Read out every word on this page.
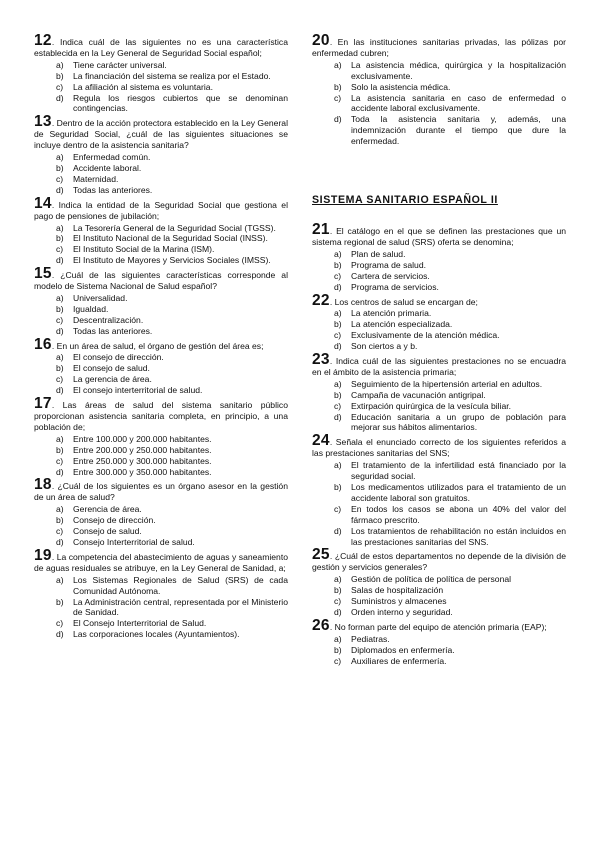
12. Indica cuál de las siguientes no es una característica establecida en la Ley General de Seguridad Social español;

a)	Tiene carácter universal.
b)	La financiación del sistema se realiza por el Estado.
c)	La afiliación al sistema es voluntaria.
d)	Regula los riesgos cubiertos que se denominan contingencias.

13. Dentro de la acción protectora establecido en la Ley General de Seguridad Social, ¿cuál de las siguientes situaciones se incluye dentro de la asistencia sanitaria?

a)	Enfermedad común.
b)	Accidente laboral.
c)	Maternidad.
d)	Todas las anteriores.

14. Indica la entidad de la Seguridad Social que gestiona el pago de pensiones de jubilación;

a)	La Tesorería General de la Seguridad Social (TGSS).
b)	El Instituto Nacional de la Seguridad Social (INSS).
c)	El Instituto Social de la Marina (ISM).
d)	El Instituto de Mayores y Servicios Sociales (IMSS).

15. ¿Cuál de las siguientes características corresponde al modelo de Sistema Nacional de Salud español?

a)	Universalidad.
b)	Igualdad.
c)	Descentralización.
d)	Todas las anteriores.

16. En un área de salud, el órgano de gestión del área es;

a)	El consejo de dirección.
b)	El consejo de salud.
c)	La gerencia de área.
d)	El consejo interterritorial de salud.

17. Las áreas de salud del sistema sanitario público proporcionan asistencia sanitaria completa, en principio, a una población de;

a)	Entre 100.000 y 200.000 habitantes.
b)	Entre 200.000 y 250.000 habitantes.
c)	Entre 250.000 y 300.000 habitantes.
d)	Entre 300.000 y 350.000 habitantes.

18. ¿Cuál de los siguientes es un órgano asesor en la gestión de un área de salud?

a)	Gerencia de área.
b)	Consejo de dirección.
c)	Consejo de salud.
d)	Consejo Interterritorial de salud.

19. La competencia del abastecimiento de aguas y saneamiento de aguas residuales se atribuye, en la Ley General de Sanidad, a;

a)	Los Sistemas Regionales de Salud (SRS) de cada Comunidad Autónoma.
b)	La Administración central, representada por el Ministerio de Sanidad.
c)	El Consejo Interterritorial de Salud.
d)	Las corporaciones locales (Ayuntamientos).

20. En las instituciones sanitarias privadas, las pólizas por enfermedad cubren;

a)	La asistencia médica, quirúrgica y la hospitalización exclusivamente.
b)	Solo la asistencia médica.
c)	La asistencia sanitaria en caso de enfermedad o accidente laboral exclusivamente.
d)	Toda la asistencia sanitaria y, además, una indemnización durante el tiempo que dure la enfermedad.
SISTEMA SANITARIO ESPAÑOL II

21. El catálogo en el que se definen las prestaciones que un sistema regional de salud (SRS) oferta se denomina;

a)	Plan de salud.
b)	Programa de salud.
c)	Cartera de servicios.
d)	Programa de servicios.

22. Los centros de salud se encargan de;

a)	La atención primaria.
b)	La atención especializada.
c)	Exclusivamente de la atención médica.
d)	Son ciertos a y b.

23. Indica cuál de las siguientes prestaciones no se encuadra en el ámbito de la asistencia primaria;

a)	Seguimiento de la hipertensión arterial en adultos.
b)	Campaña de vacunación antigripal.
c)	Extirpación quirúrgica de la vesícula biliar.
d)	Educación sanitaria a un grupo de población para mejorar sus hábitos alimentarios.

24. Señala el enunciado correcto de los siguientes referidos a las prestaciones sanitarias del SNS;

a)	El tratamiento de la infertilidad está financiado por la seguridad social.
b)	Los medicamentos utilizados para el tratamiento de un accidente laboral son gratuitos.
c)	En todos los casos se abona un 40% del valor del fármaco prescrito.
d)	Los tratamientos de rehabilitación no están incluidos en las prestaciones sanitarias del SNS.

25. ¿Cuál de estos departamentos no depende de la división de gestión y servicios generales?

a)	Gestión de política de política de personal
b)	Salas de hospitalización
c)	Suministros y almacenes
d)	Orden interno y seguridad.

26. No forman parte del equipo de atención primaria (EAP);

a)	Pediatras.
b)	Diplomados en enfermería.
c)	Auxiliares de enfermería.
